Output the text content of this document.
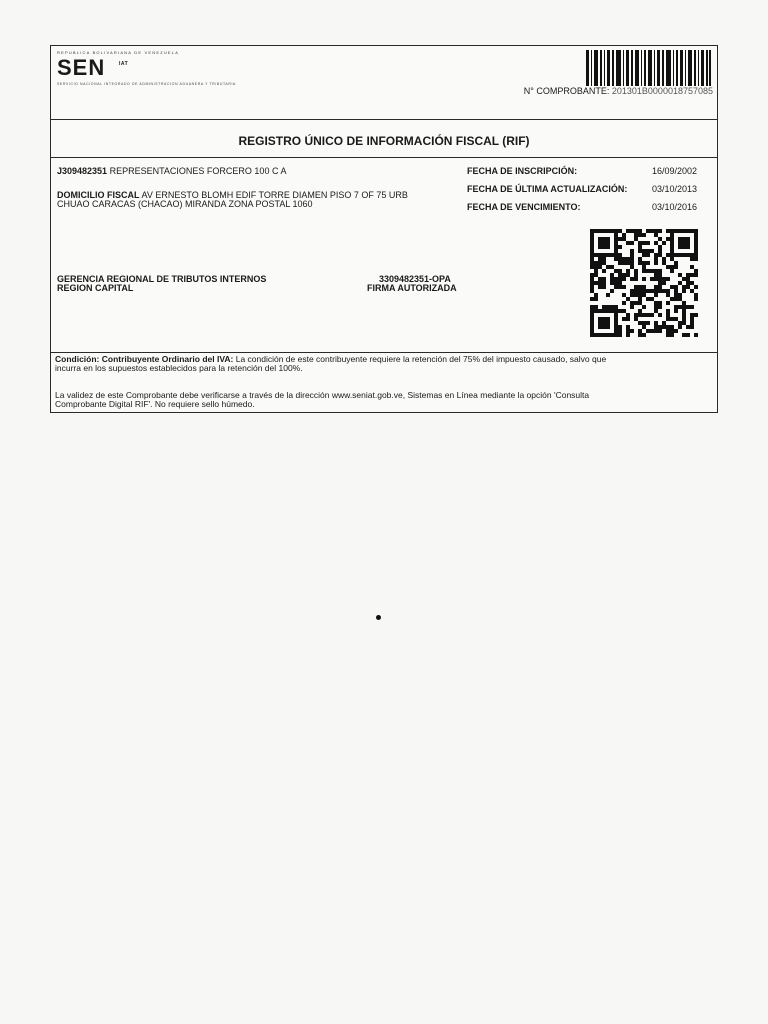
REPUBLICA BOLIVARIANA DE VENEZUELA
SEN	IAT
SERVICIO NACIONAL INTEGRADO DE ADMINISTRACION ADUANERA Y TRIBUTARIA
N° COMPROBANTE: 201301B0000018757085
REGISTRO ÚNICO DE INFORMACIÓN FISCAL (RIF)
J309482351 REPRESENTACIONES FORCERO 100 C A
DOMICILIO FISCAL AV ERNESTO BLOMH EDIF TORRE DIAMEN PISO 7 OF 75 URB
CHUAO CARACAS (CHACAO) MIRANDA ZONA POSTAL 1060
FECHA DE INSCRIPCIÓN:	16/09/2002
FECHA DE ÚLTIMA ACTUALIZACIÓN:	03/10/2013
FECHA DE VENCIMIENTO:	03/10/2016
GERENCIA REGIONAL DE TRIBUTOS INTERNOS
REGION CAPITAL
3309482351-OPA
FIRMA AUTORIZADA
Condición: Contribuyente Ordinario del IVA: La condición de este contribuyente requiere la retención del 75% del impuesto causado, salvo que
incurra en los supuestos establecidos para la retención del 100%.
La validez de este Comprobante debe verificarse a través de la dirección www.seniat.gob.ve, Sistemas en Línea mediante la opción 'Consulta
Comprobante Digital RIF'. No requiere sello húmedo.
